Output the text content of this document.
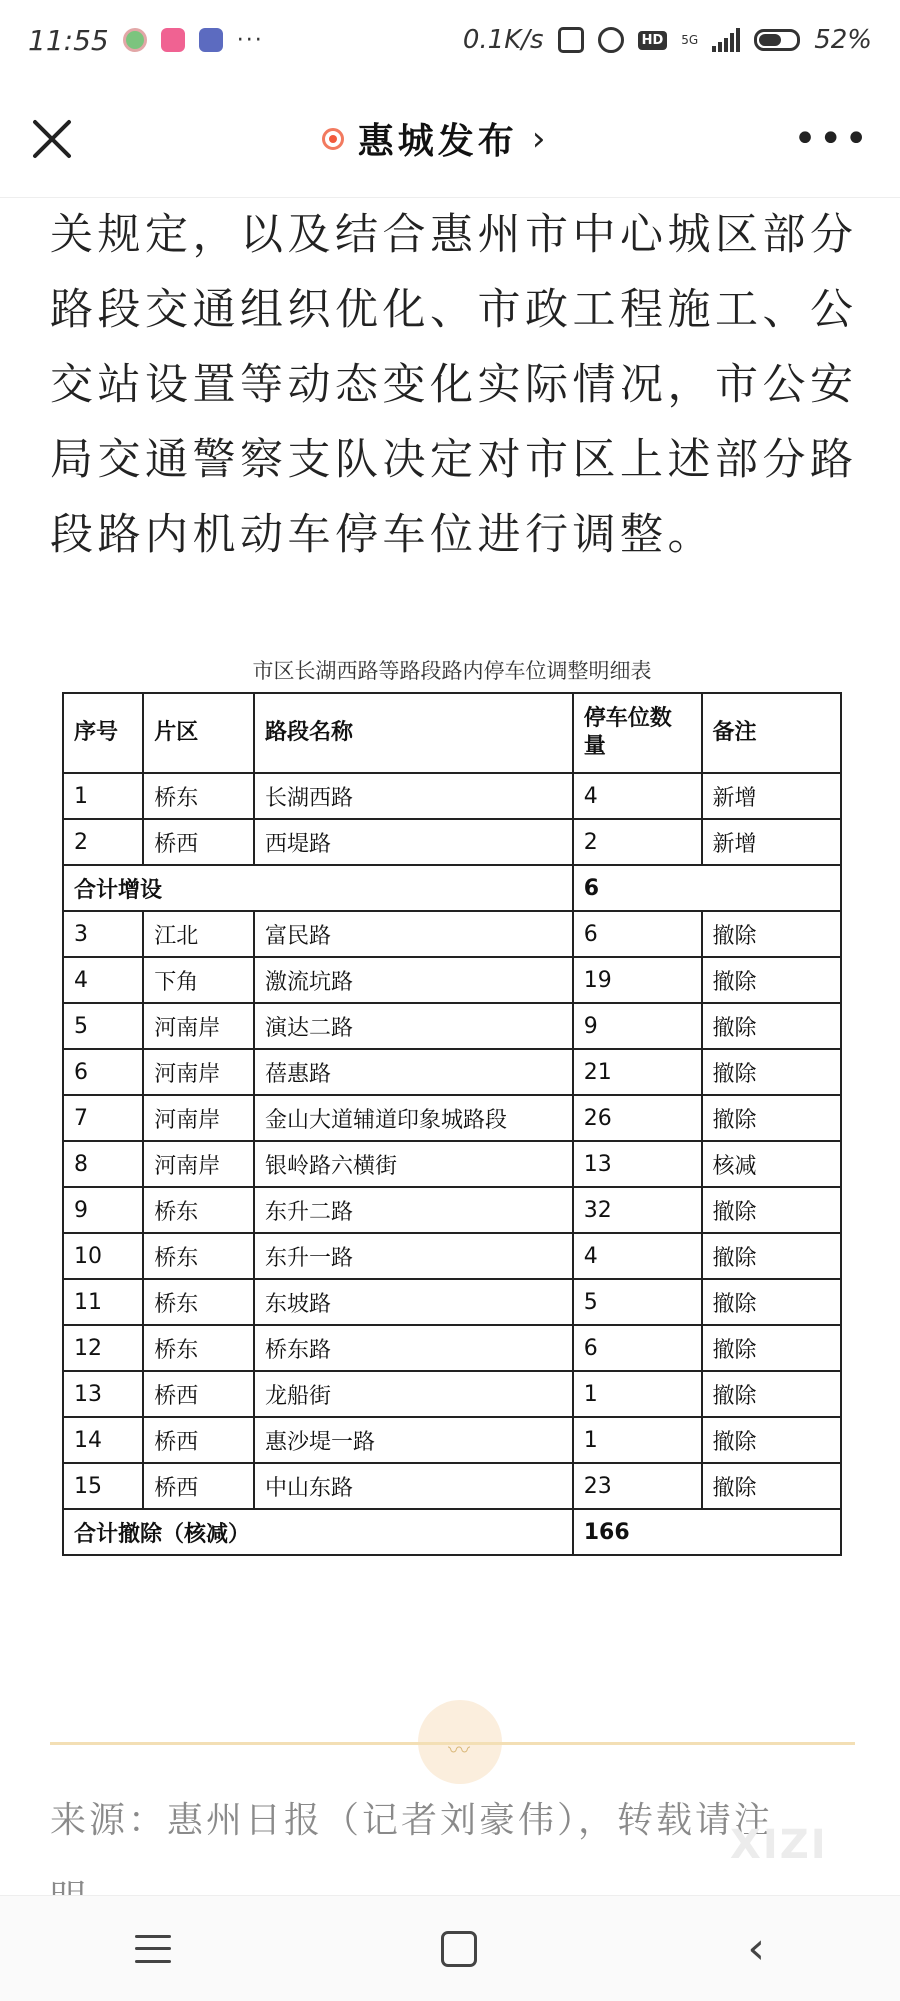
11:55	···	0.1K/s	HD	5G	52%
惠城发布 ›	•••
关规定，以及结合惠州市中心城区部分路段交通组织优化、市政工程施工、公交站设置等动态变化实际情况，市公安局交通警察支队决定对市区上述部分路段路内机动车停车位进行调整。
市区长湖西路等路段路内停车位调整明细表
序号	片区	路段名称	停车位数量	备注
1	桥东	长湖西路	4	新增
2	桥西	西堤路	2	新增
合计增设			6	
3	江北	富民路	6	撤除
4	下角	激流坑路	19	撤除
5	河南岸	演达二路	9	撤除
6	河南岸	蓓惠路	21	撤除
7	河南岸	金山大道辅道印象城路段	26	撤除
8	河南岸	银岭路六横街	13	核减
9	桥东	东升二路	32	撤除
10	桥东	东升一路	4	撤除
11	桥东	东坡路	5	撤除
12	桥东	桥东路	6	撤除
13	桥西	龙船街	1	撤除
14	桥西	惠沙堤一路	1	撤除
15	桥西	中山东路	23	撤除
合计撤除（核减）			166	
〰
来源：惠州日报（记者刘豪伟），转载请注
XIZI
‹
